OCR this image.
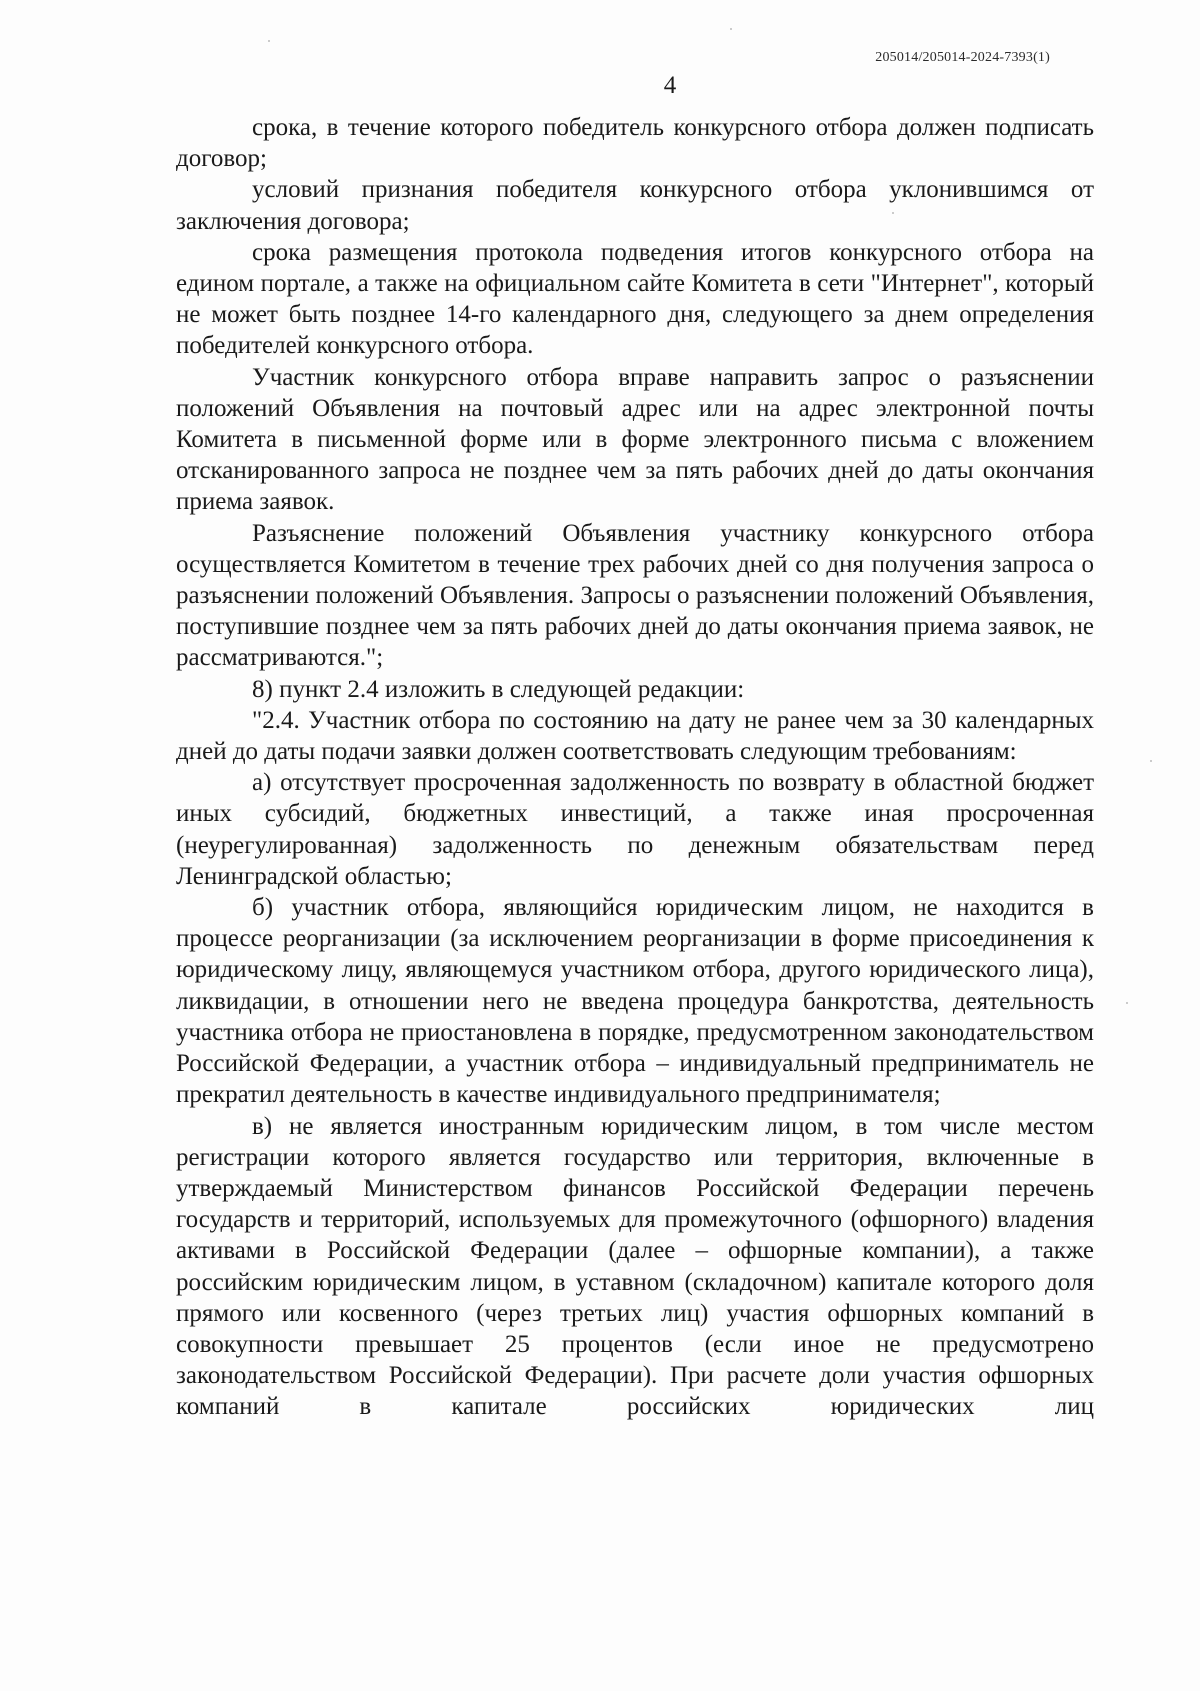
205014/205014-2024-7393(1)
4

срока, в течение которого победитель конкурсного отбора должен подписать договор;

условий признания победителя конкурсного отбора уклонившимся от заключения договора;

срока размещения протокола подведения итогов конкурсного отбора на едином портале, а также на официальном сайте Комитета в сети "Интернет", который не может быть позднее 14-го календарного дня, следующего за днем определения победителей конкурсного отбора.

Участник конкурсного отбора вправе направить запрос о разъяснении положений Объявления на почтовый адрес или на адрес электронной почты Комитета в письменной форме или в форме электронного письма с вложением отсканированного запроса не позднее чем за пять рабочих дней до даты окончания приема заявок.

Разъяснение положений Объявления участнику конкурсного отбора осуществляется Комитетом в течение трех рабочих дней со дня получения запроса о разъяснении положений Объявления. Запросы о разъяснении положений Объявления, поступившие позднее чем за пять рабочих дней до даты окончания приема заявок, не рассматриваются.";

8) пункт 2.4 изложить в следующей редакции:

"2.4. Участник отбора по состоянию на дату не ранее чем за 30 календарных дней до даты подачи заявки должен соответствовать следующим требованиям:

а) отсутствует просроченная задолженность по возврату в областной бюджет иных субсидий, бюджетных инвестиций, а также иная просроченная (неурегулированная) задолженность по денежным обязательствам перед Ленинградской областью;

б) участник отбора, являющийся юридическим лицом, не находится в процессе реорганизации (за исключением реорганизации в форме присоединения к юридическому лицу, являющемуся участником отбора, другого юридического лица), ликвидации, в отношении него не введена процедура банкротства, деятельность участника отбора не приостановлена в порядке, предусмотренном законодательством Российской Федерации, а участник отбора – индивидуальный предприниматель не прекратил деятельность в качестве индивидуального предпринимателя;

в) не является иностранным юридическим лицом, в том числе местом регистрации которого является государство или территория, включенные в утверждаемый Министерством финансов Российской Федерации перечень государств и территорий, используемых для промежуточного (офшорного) владения активами в Российской Федерации (далее – офшорные компании), а также российским юридическим лицом, в уставном (складочном) капитале которого доля прямого или косвенного (через третьих лиц) участия офшорных компаний в совокупности превышает 25 процентов (если иное не предусмотрено законодательством Российской Федерации). При расчете доли участия офшорных компаний в капитале российских юридических лиц
